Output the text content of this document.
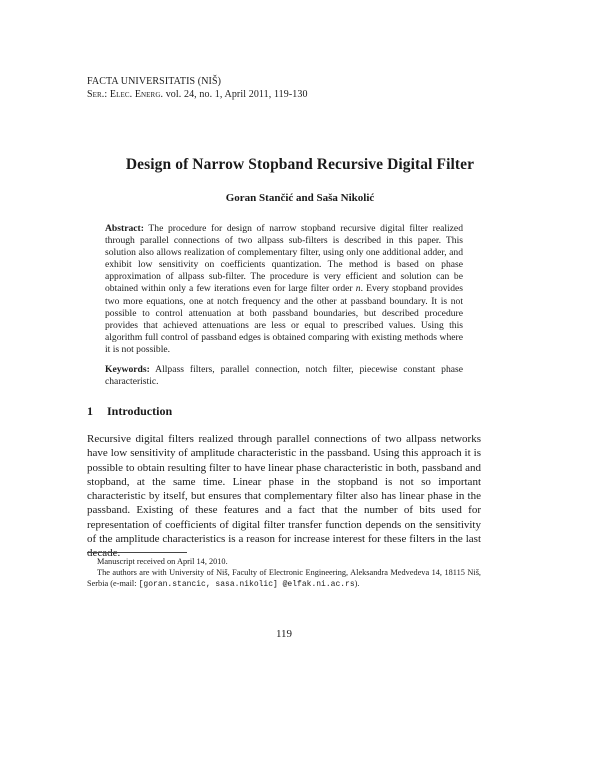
FACTA UNIVERSITATIS (NIŠ)
Ser.: Elec. Energ. vol. 24, no. 1, April 2011, 119-130
Design of Narrow Stopband Recursive Digital Filter
Goran Stančić and Saša Nikolić
Abstract: The procedure for design of narrow stopband recursive digital filter realized through parallel connections of two allpass sub-filters is described in this paper. This solution also allows realization of complementary filter, using only one additional adder, and exhibit low sensitivity on coefficients quantization. The method is based on phase approximation of allpass sub-filter. The procedure is very efficient and solution can be obtained within only a few iterations even for large filter order n. Every stopband provides two more equations, one at notch frequency and the other at passband boundary. It is not possible to control attenuation at both passband boundaries, but described procedure provides that achieved attenuations are less or equal to prescribed values. Using this algorithm full control of passband edges is obtained comparing with existing methods where it is not possible.
Keywords: Allpass filters, parallel connection, notch filter, piecewise constant phase characteristic.
1 Introduction
Recursive digital filters realized through parallel connections of two allpass networks have low sensitivity of amplitude characteristic in the passband. Using this approach it is possible to obtain resulting filter to have linear phase characteristic in both, passband and stopband, at the same time. Linear phase in the stopband is not so important characteristic by itself, but ensures that complementary filter also has linear phase in the passband. Existing of these features and a fact that the number of bits used for representation of coefficients of digital filter transfer function depends on the sensitivity of the amplitude characteristics is a reason for increase interest for these filters in the last decade.

Manuscript received on April 14, 2010.

The authors are with University of Niš, Faculty of Electronic Engineering, Aleksandra Medvedeva 14, 18115 Niš, Serbia (e-mail: [goran.stancic, sasa.nikolic] @elfak.ni.ac.rs).

119
